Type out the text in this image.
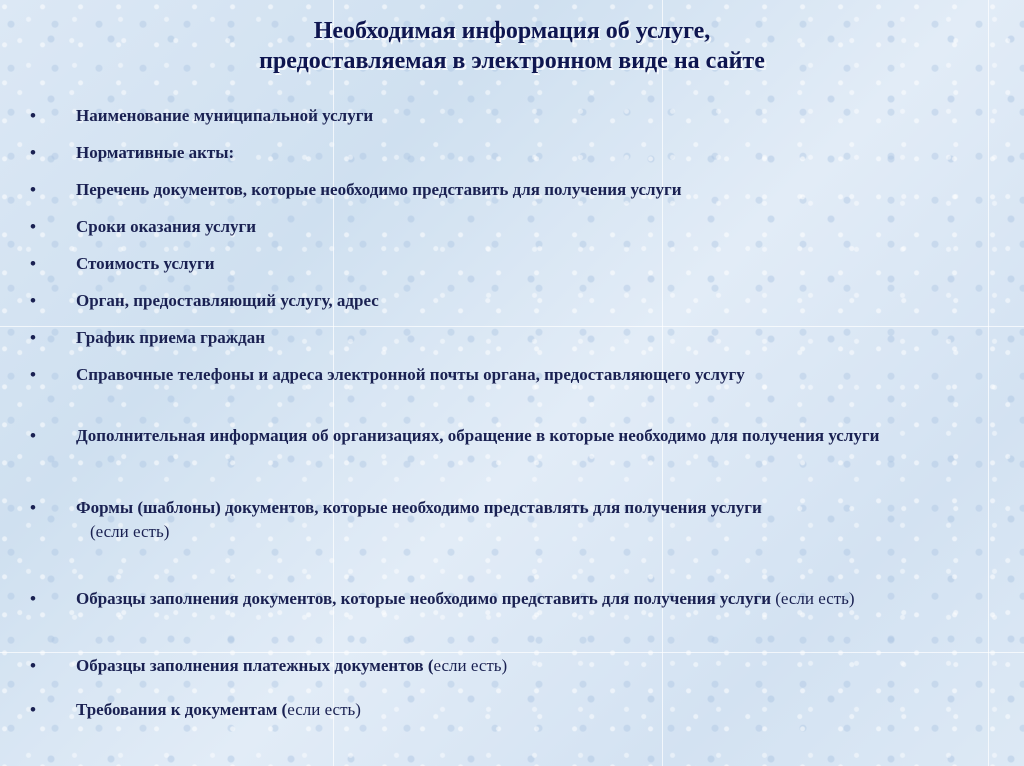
Необходимая информация об услуге,
предоставляемая в электронном виде на сайте
• Наименование муниципальной услуги
• Нормативные акты:
• Перечень документов, которые необходимо представить для получения услуги
• Сроки оказания услуги
• Стоимость услуги
• Орган, предоставляющий услугу, адрес
• График приема граждан
• Справочные телефоны и адреса электронной почты органа, предоставляющего услугу
• Дополнительная информация об организациях, обращение в которые необходимо для получения услуги
• Формы (шаблоны) документов, которые необходимо представлять для получения услуги
(если есть)
• Образцы заполнения документов, которые необходимо представить для получения услуги (если есть)
• Образцы заполнения платежных документов (если есть)
• Требования к документам (если есть)
